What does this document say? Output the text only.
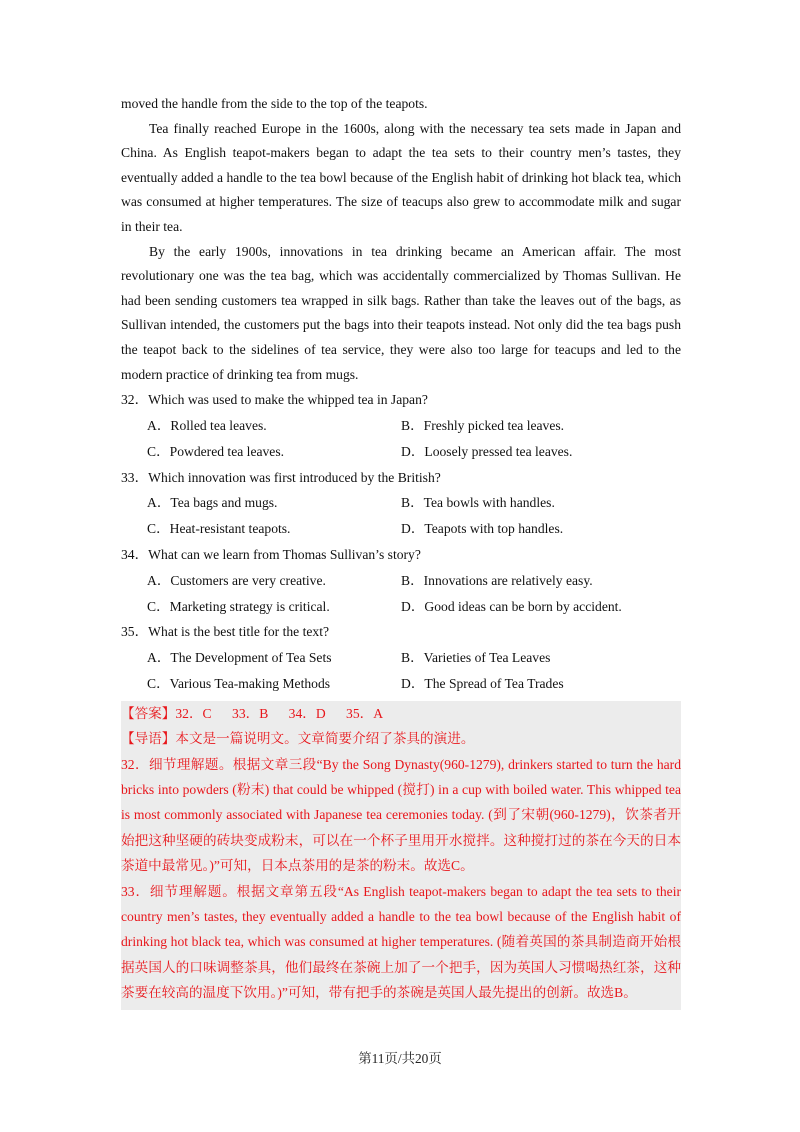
moved the handle from the side to the top of the teapots.

Tea finally reached Europe in the 1600s, along with the necessary tea sets made in Japan and China. As English teapot-makers began to adapt the tea sets to their country men’s tastes, they eventually added a handle to the tea bowl because of the English habit of drinking hot black tea, which was consumed at higher temperatures. The size of teacups also grew to accommodate milk and sugar in their tea.

By the early 1900s, innovations in tea drinking became an American affair. The most revolutionary one was the tea bag, which was accidentally commercialized by Thomas Sullivan. He had been sending customers tea wrapped in silk bags. Rather than take the leaves out of the bags, as Sullivan intended, the customers put the bags into their teapots instead. Not only did the tea bags push the teapot back to the sidelines of tea service, they were also too large for teacups and led to the modern practice of drinking tea from mugs.

32．Which was used to make the whipped tea in Japan?

A．Rolled tea leaves.	B．Freshly picked tea leaves.
C．Powdered tea leaves.	D．Loosely pressed tea leaves.

33．Which innovation was first introduced by the British?

A．Tea bags and mugs.	B．Tea bowls with handles.
C．Heat-resistant teapots.	D．Teapots with top handles.

34．What can we learn from Thomas Sullivan’s story?

A．Customers are very creative.	B．Innovations are relatively easy.
C．Marketing strategy is critical.	D．Good ideas can be born by accident.

35．What is the best title for the text?

A．The Development of Tea Sets	B．Varieties of Tea Leaves
C．Various Tea-making Methods	D．The Spread of Tea Trades

【答案】32．C      33．B      34．D      35．A

【导语】本文是一篇说明文。文章简要介绍了茶具的演进。

32．细节理解题。根据文章三段“By the Song Dynasty(960-1279), drinkers started to turn the hard bricks into powders (粉末) that could be whipped (搅打) in a cup with boiled water. This whipped tea is most commonly associated with Japanese tea ceremonies today. (到了宋朝(960-1279)，饮茶者开始把这种坚硬的砖块变成粉末，可以在一个杯子里用开水搅拌。这种搅打过的茶在今天的日本茶道中最常见。)”可知，日本点茶用的是茶的粉末。故选C。

33．细节理解题。根据文章第五段“As English teapot-makers began to adapt the tea sets to their country men’s tastes, they eventually added a handle to the tea bowl because of the English habit of drinking hot black tea, which was consumed at higher temperatures. (随着英国的茶具制造商开始根据英国人的口味调整茶具，他们最终在茶碗上加了一个把手，因为英国人习惯喝热红茶，这种茶要在较高的温度下饮用。)”可知，带有把手的茶碗是英国人最先提出的创新。故选B。

第11页/共20页
